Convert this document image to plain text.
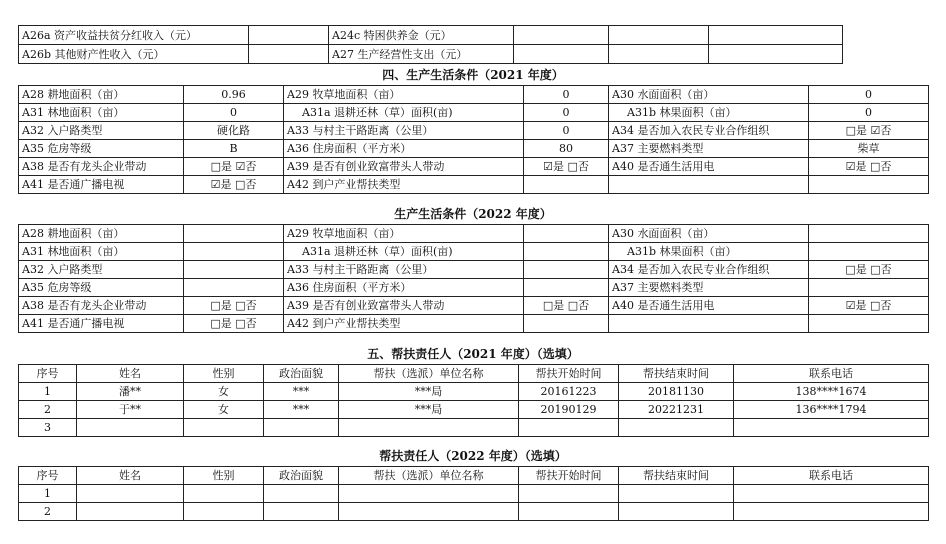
A26a 资产收益扶贫分红收入（元）		A24c 特困供养金（元）			
A26b 其他财产性收入（元）		A27 生产经营性支出（元）			
四、生产生活条件（2021 年度）
A28 耕地面积（亩）	0.96	A29 牧草地面积（亩）	0	A30 水面面积（亩）	0
A31 林地面积（亩）	0	A31a 退耕还林（草）面积(亩)	0	A31b 林果面积（亩）	0
A32 入户路类型	硬化路	A33 与村主干路距离（公里）	0	A34 是否加入农民专业合作组织	□是 ☑否
A35 危房等级	B	A36 住房面积（平方米）	80	A37 主要燃料类型	柴草
A38 是否有龙头企业带动	□是 ☑否	A39 是否有创业致富带头人带动	☑是 □否	A40 是否通生活用电	☑是 □否
A41 是否通广播电视	☑是 □否	A42 到户产业帮扶类型			
生产生活条件（2022 年度）
A28 耕地面积（亩）		A29 牧草地面积（亩）		A30 水面面积（亩）	
A31 林地面积（亩）		A31a 退耕还林（草）面积(亩)		A31b 林果面积（亩）	
A32 入户路类型		A33 与村主干路距离（公里）		A34 是否加入农民专业合作组织	□是 □否
A35 危房等级		A36 住房面积（平方米）		A37 主要燃料类型	
A38 是否有龙头企业带动	□是 □否	A39 是否有创业致富带头人带动	□是 □否	A40 是否通生活用电	☑是 □否
A41 是否通广播电视	□是 □否	A42 到户产业帮扶类型			
五、帮扶责任人（2021 年度）（选填）
序号	姓名	性别	政治面貌	帮扶（选派）单位名称	帮扶开始时间	帮扶结束时间	联系电话
1	潘**	女	***	***局	20161223	20181130	138****1674
2	于**	女	***	***局	20190129	20221231	136****1794
3							
帮扶责任人（2022 年度）（选填）
序号	姓名	性别	政治面貌	帮扶（选派）单位名称	帮扶开始时间	帮扶结束时间	联系电话
1							
2							
